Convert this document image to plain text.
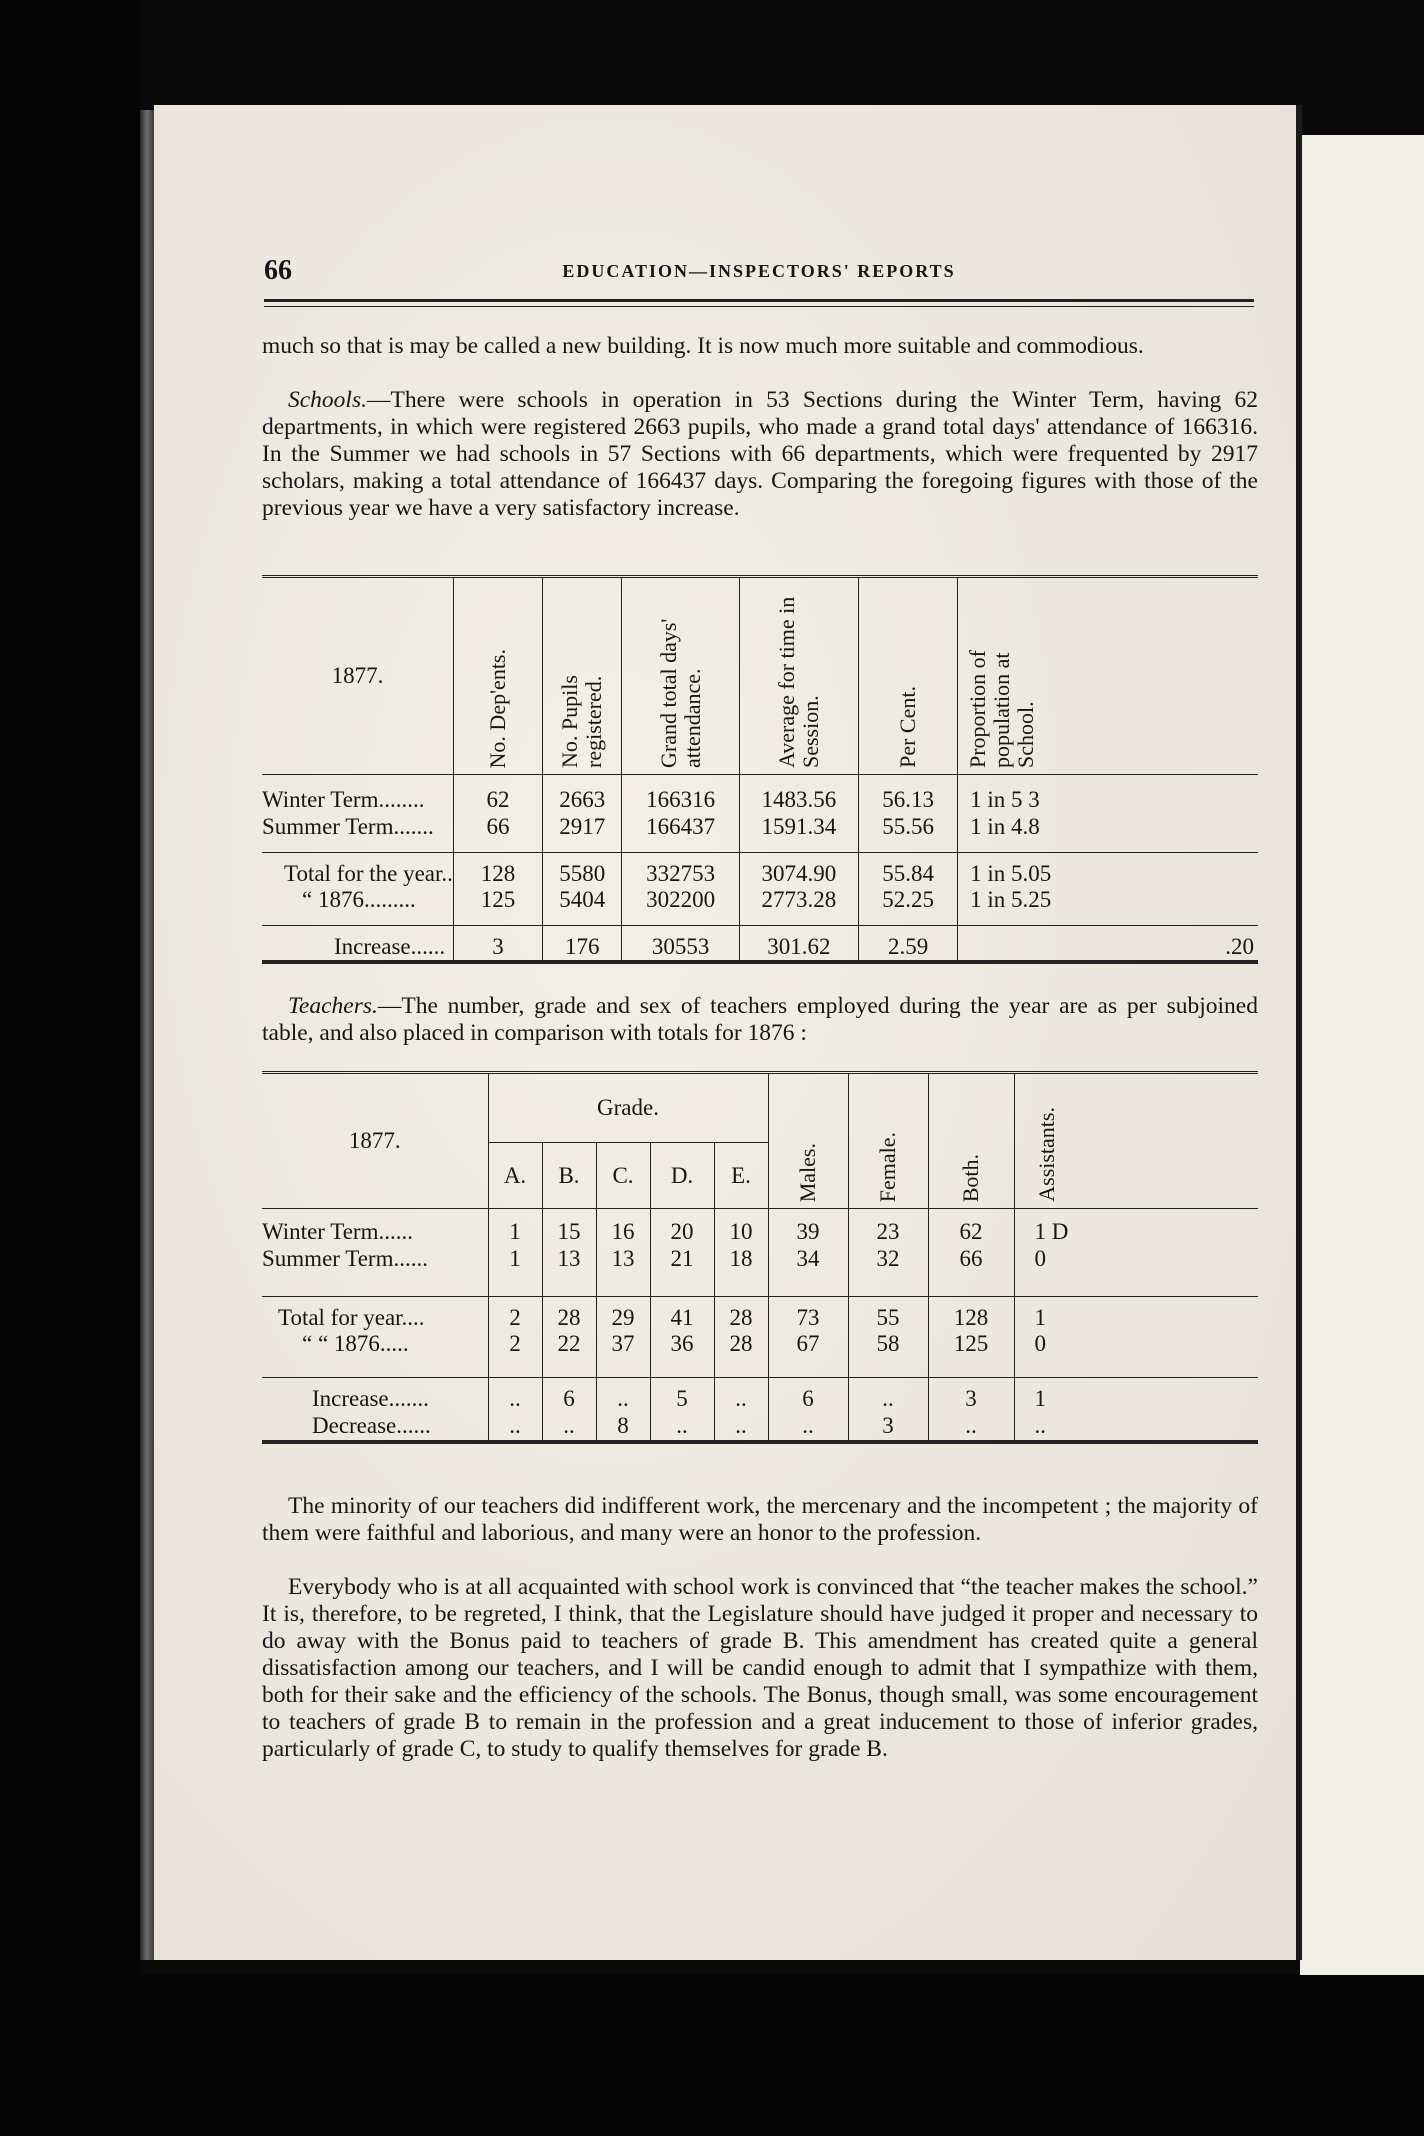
66	EDUCATION—INSPECTORS' REPORTS
much so that is may be called a new building. It is now much more suitable and commodious.
Schools.—There were schools in operation in 53 Sections during the Winter Term, having 62 departments, in which were registered 2663 pupils, who made a grand total days' attendance of 166316. In the Summer we had schools in 57 Sections with 66 departments, which were frequented by 2917 scholars, making a total attendance of 166437 days. Comparing the foregoing figures with those of the previous year we have a very satisfactory increase.
1877.	No. Dep'ents.	No. Pupils registered.	Grand total days' attendance.	Average for time in Session.	Per Cent.	Proportion of population at School.

Winter Term........	62	2663	166316	1483.56	56.13	1 in 5 3
Summer Term.......	66	2917	166437	1591.34	55.56	1 in 4.8

Total for the year..	128	5580	332753	3074.90	55.84	1 in 5.05
“ 1876.........	125	5404	302200	2773.28	52.25	1 in 5.25

Increase......	3	176	30553	301.62	2.59	.20
Teachers.—The number, grade and sex of teachers employed during the year are as per subjoined table, and also placed in comparison with totals for 1876 :
1877.	Grade.					Males.	Female.	Both.	Assistants.
	A.	B.	C.	D.	E.				

Winter Term......	1	15	16	20	10	39	23	62	1 D
Summer Term......	1	13	13	21	18	34	32	66	0

Total for year....	2	28	29	41	28	73	55	128	1
“ “ 1876.....	2	22	37	36	28	67	58	125	0

Increase.......	..	6	..	5	..	6	..	3	1
Decrease......	..	..	8	..	..	..	3	..	..
The minority of our teachers did indifferent work, the mercenary and the incompetent ; the majority of them were faithful and laborious, and many were an honor to the profession.
Everybody who is at all acquainted with school work is convinced that “the teacher makes the school.” It is, therefore, to be regreted, I think, that the Legislature should have judged it proper and necessary to do away with the Bonus paid to teachers of grade B. This amendment has created quite a general dissatisfaction among our teachers, and I will be candid enough to admit that I sympathize with them, both for their sake and the efficiency of the schools. The Bonus, though small, was some encouragement to teachers of grade B to remain in the profession and a great inducement to those of inferior grades, particularly of grade C, to study to qualify themselves for grade B.
